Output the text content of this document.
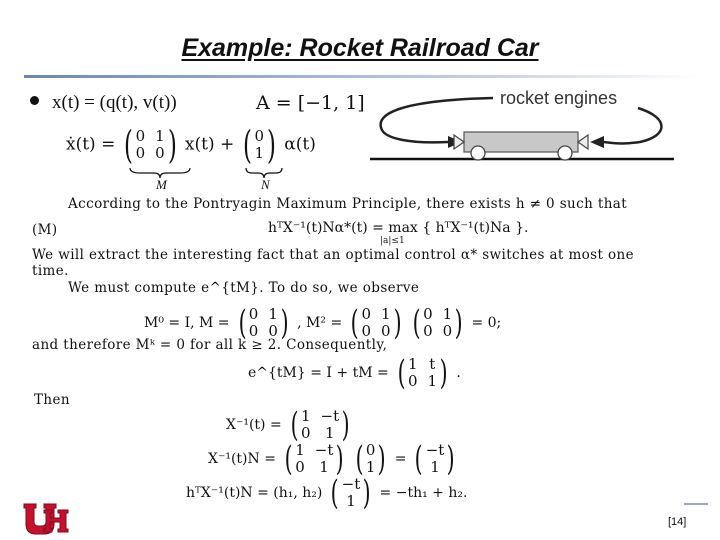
Example: Rocket Railroad Car
x(t) = (q(t), v(t))	A = [−1, 1]	rocket engines
ẋ(t) = ( 0 1
0 0 ) x(t) + ( 0
1 ) α(t)
M	N
According to the Pontryagin Maximum Principle, there exists h ≠ 0 such that
(M)	hᵀX⁻¹(t)Nα*(t) = max { hᵀX⁻¹(t)Na }.
|a|≤1
We will extract the interesting fact that an optimal control α* switches at most one
time.
We must compute e^{tM}. To do so, we observe
M⁰ = I, M = ( 0 1
0 0 ) , M² = ( 0 1
0 0 ) ( 0 1
0 0 ) = 0;
and therefore Mᵏ = 0 for all k ≥ 2. Consequently,
e^{tM} = I + tM = ( 1 t
0 1 ) .
Then
X⁻¹(t) = ( 1 −t
0 1 )
X⁻¹(t)N = ( 1 −t
0 1 ) ( 0
1 ) = ( −t
1 )
hᵀX⁻¹(t)N = (h₁, h₂) ( −t
1 ) = −th₁ + h₂.
[14]
